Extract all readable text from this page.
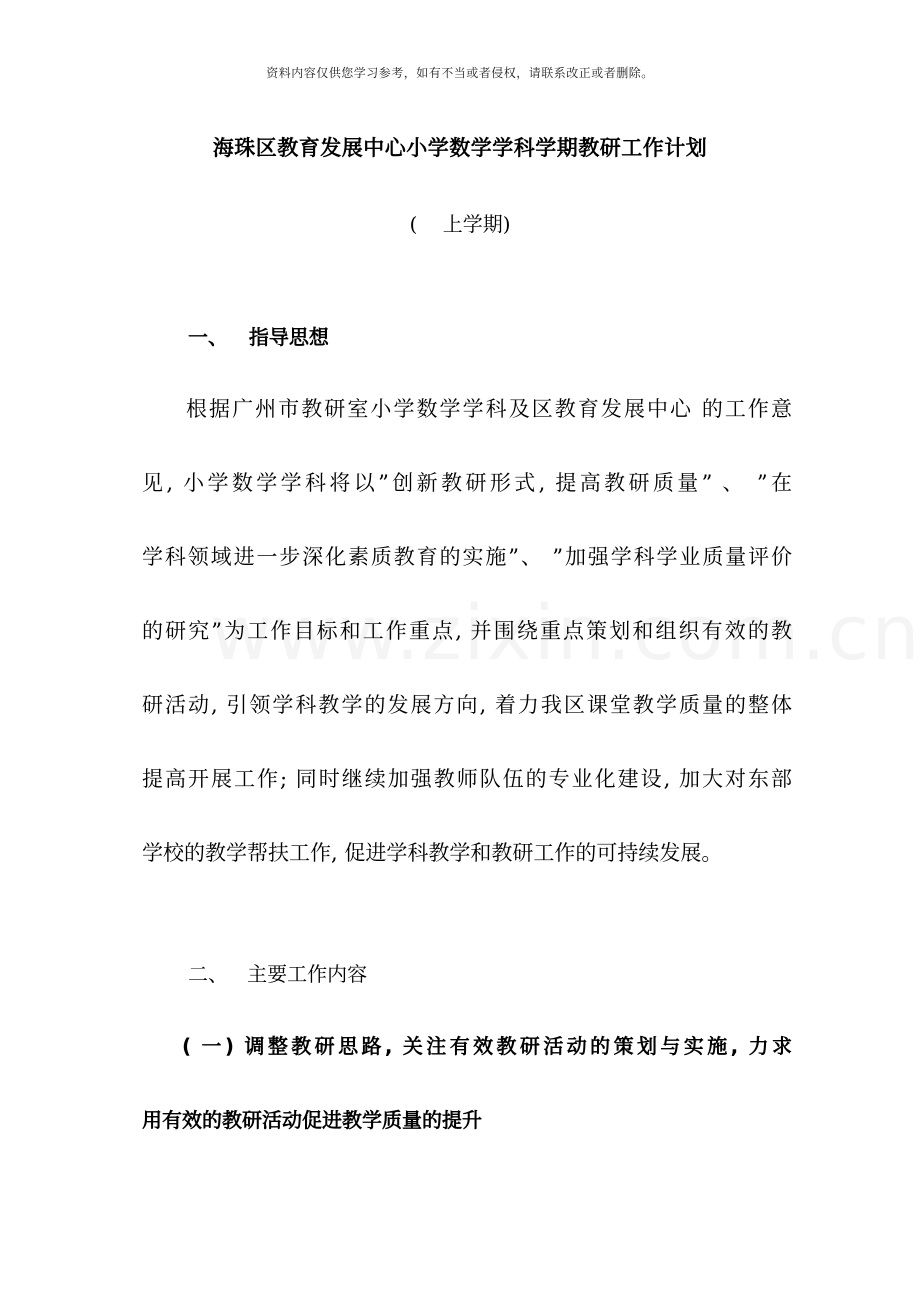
资料内容仅供您学习参考，如有不当或者侵权，请联系改正或者删除。
海珠区教育发展中心小学数学学科学期教研工作计划
(    上学期)
一、   指导思想
根据广州市教研室小学数学学科及区教育发展中心 的工作意
见, 小学数学学科将以”创新教研形式, 提高教研质量” 、 ”在
学科领域进一步深化素质教育的实施”、 ”加强学科学业质量评价
的研究”为工作目标和工作重点, 并围绕重点策划和组织有效的教
研活动, 引领学科教学的发展方向, 着力我区课堂教学质量的整体
提高开展工作; 同时继续加强教师队伍的专业化建设, 加大对东部
学校的教学帮扶工作, 促进学科教学和教研工作的可持续发展。
二、   主要工作内容
( 一) 调整教研思路, 关注有效教研活动的策划与实施, 力求
用有效的教研活动促进教学质量的提升
